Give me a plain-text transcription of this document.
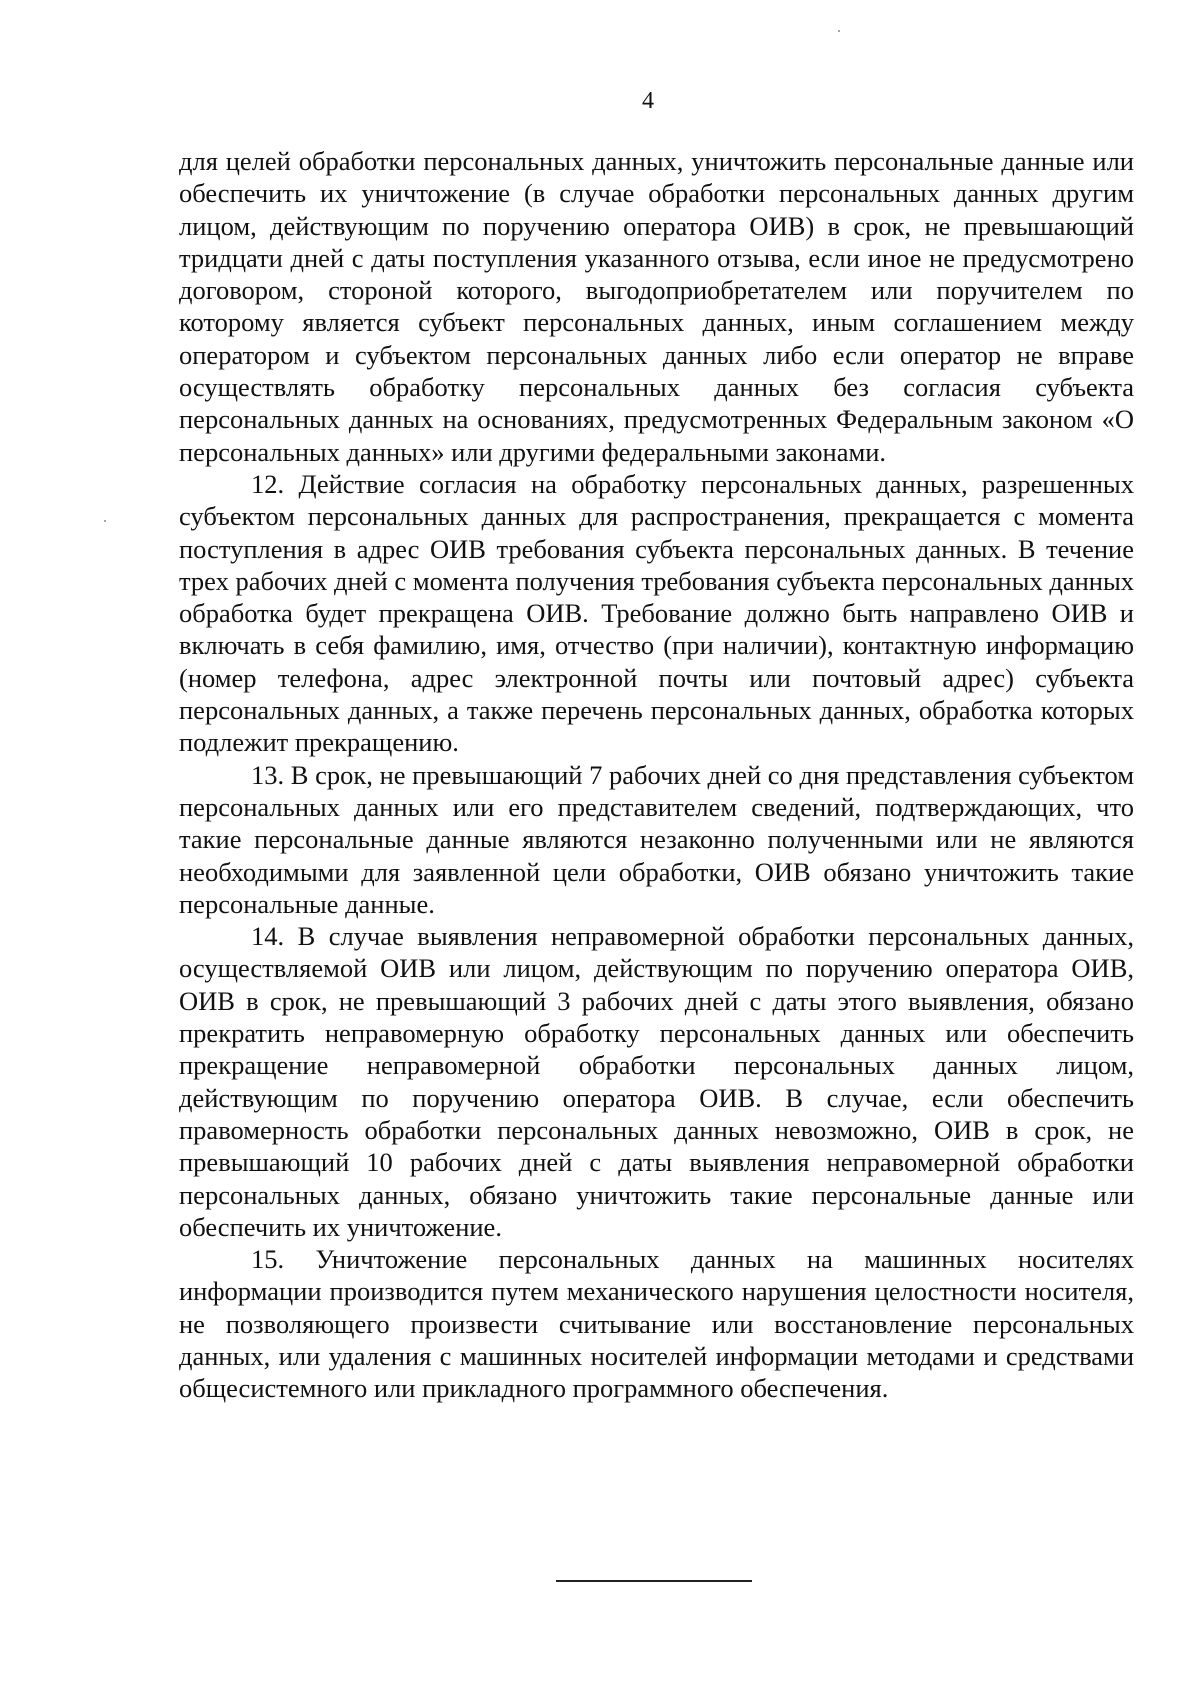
4

для целей обработки персональных данных, уничтожить персональные данные или обеспечить их уничтожение (в случае обработки персональных данных другим лицом, действующим по поручению оператора ОИВ) в срок, не превышающий тридцати дней с даты поступления указанного отзыва, если иное не предусмотрено договором, стороной которого, выгодоприобретателем или поручителем по которому является субъект персональных данных, иным соглашением между оператором и субъектом персональных данных либо если оператор не вправе осуществлять обработку персональных данных без согласия субъекта персональных данных на основаниях, предусмотренных Федеральным законом «О персональных данных» или другими федеральными законами.

12. Действие согласия на обработку персональных данных, разрешенных субъектом персональных данных для распространения, прекращается с момента поступления в адрес ОИВ требования субъекта персональных данных. В течение трех рабочих дней с момента получения требования субъекта персональных данных обработка будет прекращена ОИВ. Требование должно быть направлено ОИВ и включать в себя фамилию, имя, отчество (при наличии), контактную информацию (номер телефона, адрес электронной почты или почтовый адрес) субъекта персональных данных, а также перечень персональных данных, обработка которых подлежит прекращению.

13. В срок, не превышающий 7 рабочих дней со дня представления субъектом персональных данных или его представителем сведений, подтверждающих, что такие персональные данные являются незаконно полученными или не являются необходимыми для заявленной цели обработки, ОИВ обязано уничтожить такие персональные данные.

14. В случае выявления неправомерной обработки персональных данных, осуществляемой ОИВ или лицом, действующим по поручению оператора ОИВ, ОИВ в срок, не превышающий 3 рабочих дней с даты этого выявления, обязано прекратить неправомерную обработку персональных данных или обеспечить прекращение неправомерной обработки персональных данных лицом, действующим по поручению оператора ОИВ. В случае, если обеспечить правомерность обработки персональных данных невозможно, ОИВ в срок, не превышающий 10 рабочих дней с даты выявления неправомерной обработки персональных данных, обязано уничтожить такие персональные данные или обеспечить их уничтожение.

15. Уничтожение персональных данных на машинных носителях информации производится путем механического нарушения целостности носителя, не позволяющего произвести считывание или восстановление персональных данных, или удаления с машинных носителей информации методами и средствами общесистемного или прикладного программного обеспечения.
